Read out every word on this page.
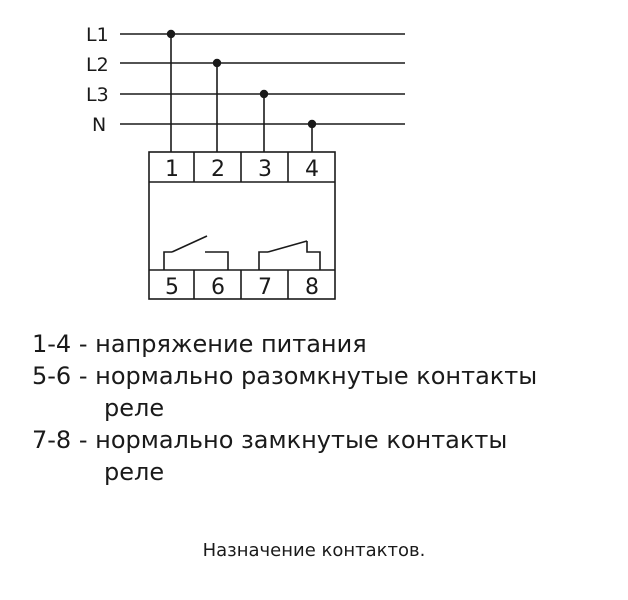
L1
L2
L3
N
1 2 3 4
5 6 7 8
1-4 - напряжение питания
5-6 - нормально разомкнутые контакты
реле
7-8 - нормально замкнутые контакты
реле
Назначение контактов.
